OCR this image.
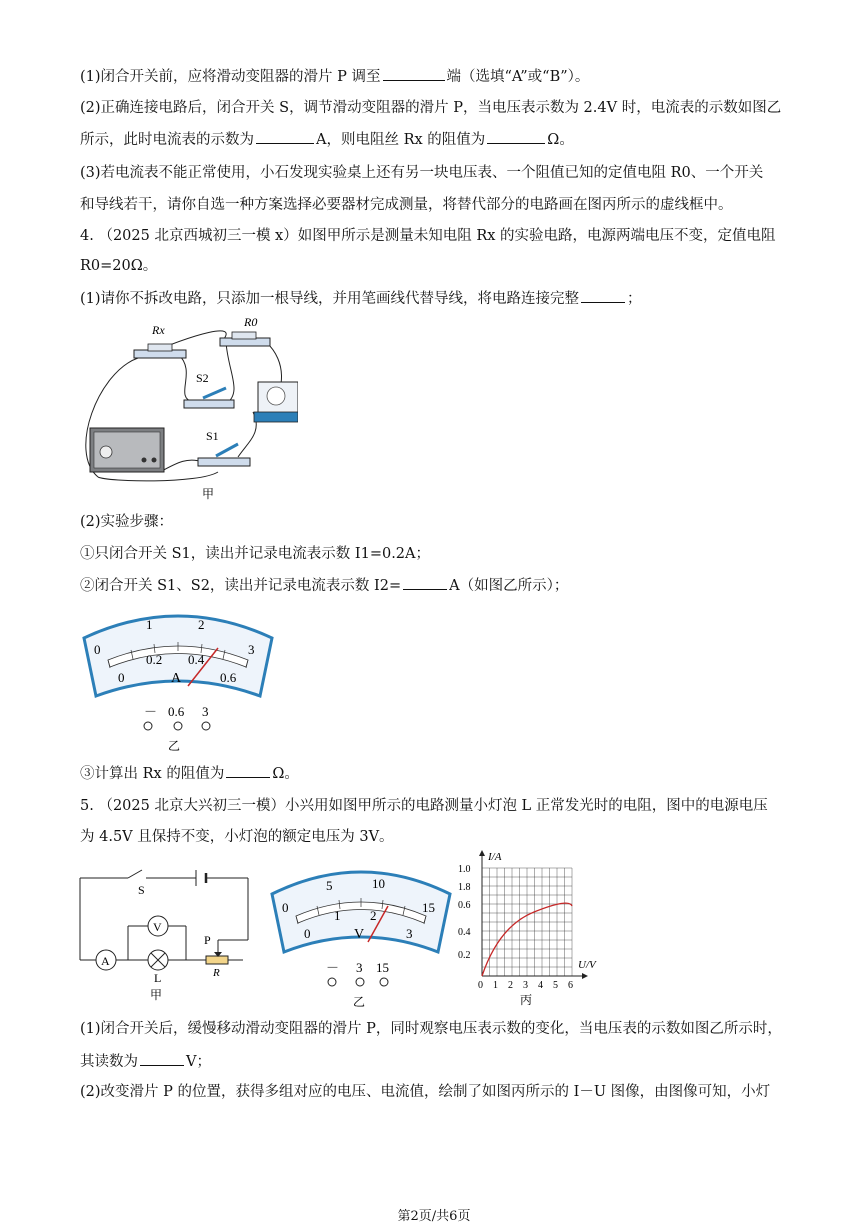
(1)闭合开关前，应将滑动变阻器的滑片 P 调至	端（选填“A”或“B”）。
(2)正确连接电路后，闭合开关 S，调节滑动变阻器的滑片 P，当电压表示数为 2.4V 时，电流表的示数如图乙
所示，此时电流表的示数为	A，则电阻丝 Rx 的阻值为	Ω。
(3)若电流表不能正常使用，小石发现实验桌上还有另一块电压表、一个阻值已知的定值电阻 R0、一个开关
和导线若干，请你自选一种方案选择必要器材完成测量，将替代部分的电路画在图丙所示的虚线框中。
4. （2025 北京西城初三一模 x）如图甲所示是测量未知电阻 Rx 的实验电路，电源两端电压不变，定值电阻
R0=20Ω。
(1)请你不拆改电路，只添加一根导线，并用笔画线代替导线，将电路连接完整	；
Rx
R0
S2
S1
甲
(2)实验步骤：
①只闭合开关 S1，读出并记录电流表示数 I1=0.2A；
②闭合开关 S1、S2，读出并记录电流表示数 I2=	A（如图乙所示）；
0
1	2
3
0
0.2 0.4
0.6
A
－ 0.6 3
乙
③计算出 Rx 的阻值为	Ω。
5. （2025 北京大兴初三一模）小兴用如图甲所示的电路测量小灯泡 L 正常发光时的电阻，图中的电源电压
为 4.5V 且保持不变，小灯泡的额定电压为 3V。
S
V
A
L
P
R
甲
0
5	10
15
0
1 2
3
V
－ 3 15
乙
I/A
U/V
1.0
1.8
0.6
0.4
0.2
0 1 2 3 4 5 6
丙
(1)闭合开关后，缓慢移动滑动变阻器的滑片 P，同时观察电压表示数的变化，当电压表的示数如图乙所示时，
其读数为	V；
(2)改变滑片 P 的位置，获得多组对应的电压、电流值，绘制了如图丙所示的 I－U 图像，由图像可知，小灯
第2页/共6页
